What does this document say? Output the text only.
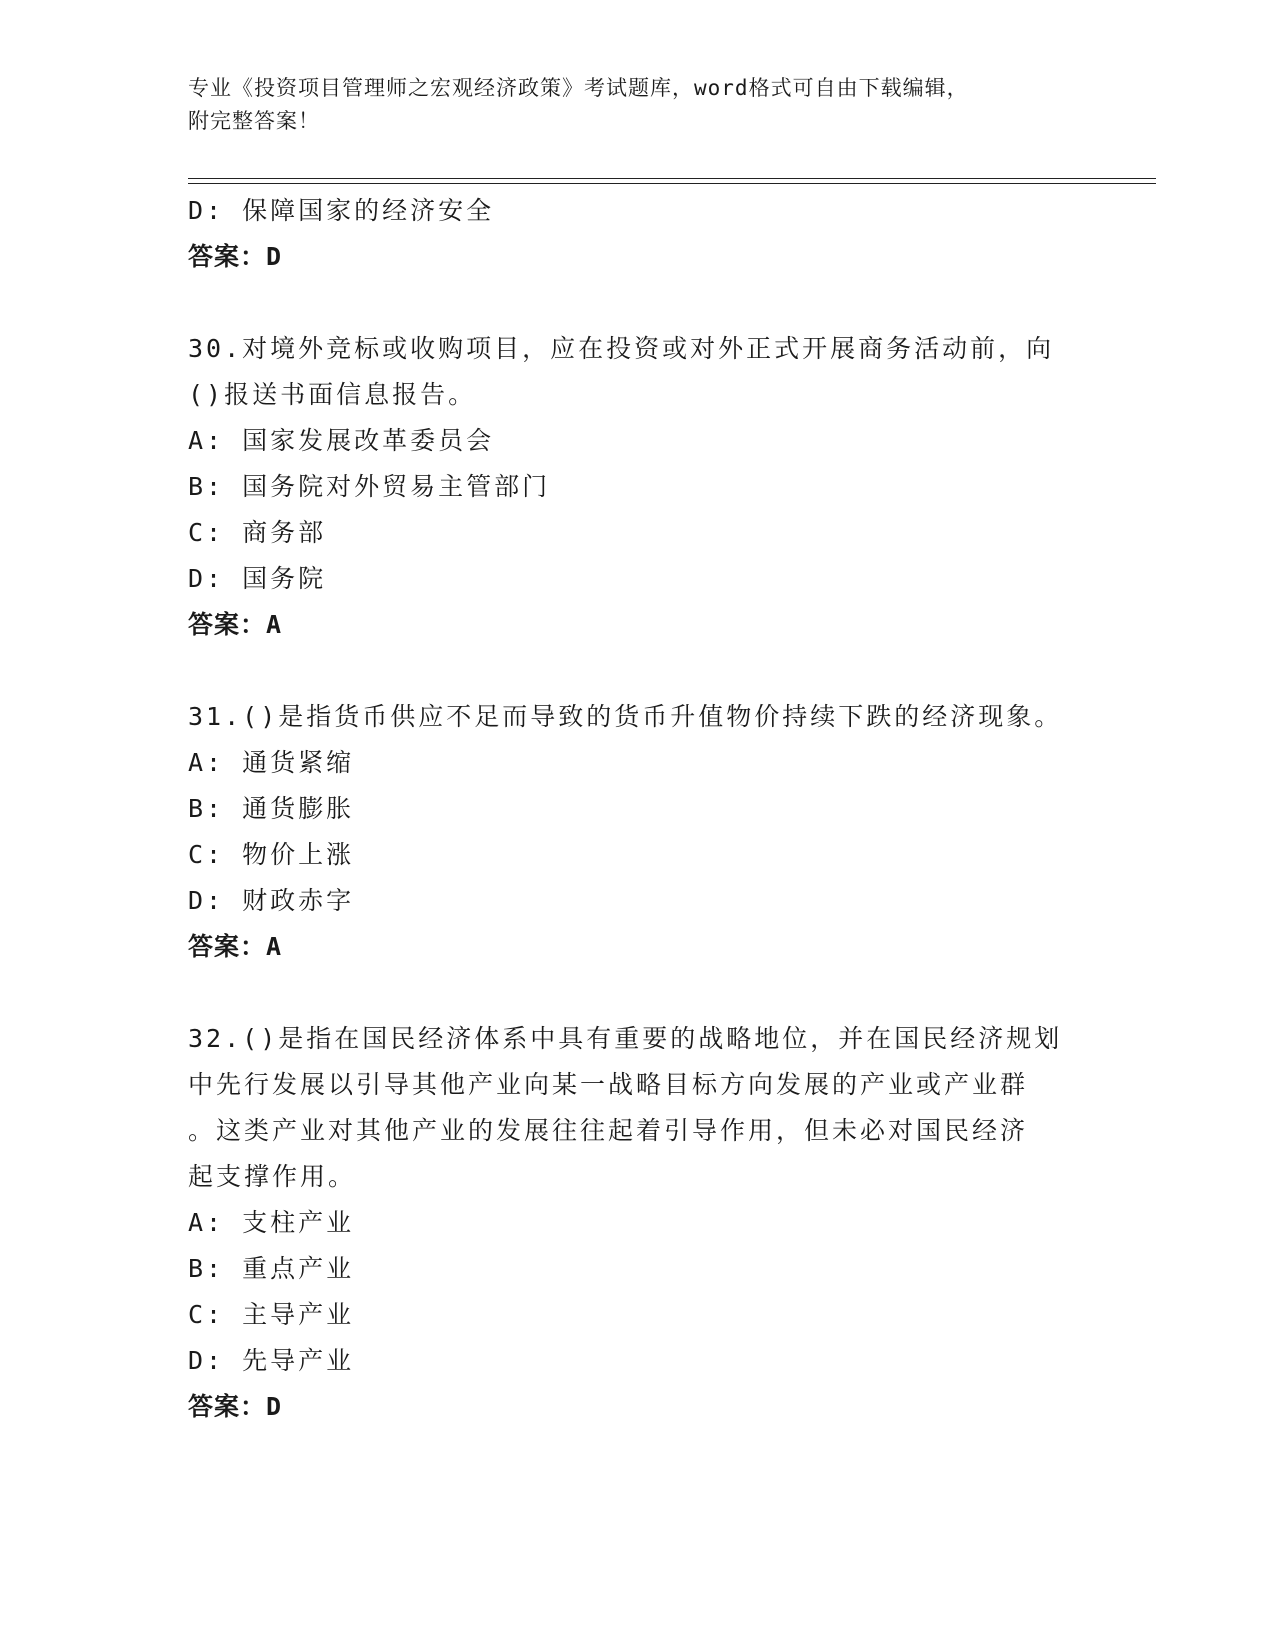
专业《投资项目管理师之宏观经济政策》考试题库，word格式可自由下载编辑，
附完整答案！
D: 保障国家的经济安全
答案：D
30.对境外竞标或收购项目，应在投资或对外正式开展商务活动前，向
()报送书面信息报告。
A: 国家发展改革委员会
B: 国务院对外贸易主管部门
C: 商务部
D: 国务院
答案：A
31.()是指货币供应不足而导致的货币升值物价持续下跌的经济现象。
A: 通货紧缩
B: 通货膨胀
C: 物价上涨
D: 财政赤字
答案：A
32.()是指在国民经济体系中具有重要的战略地位，并在国民经济规划
中先行发展以引导其他产业向某一战略目标方向发展的产业或产业群
。这类产业对其他产业的发展往往起着引导作用，但未必对国民经济
起支撑作用。
A: 支柱产业
B: 重点产业
C: 主导产业
D: 先导产业
答案：D
